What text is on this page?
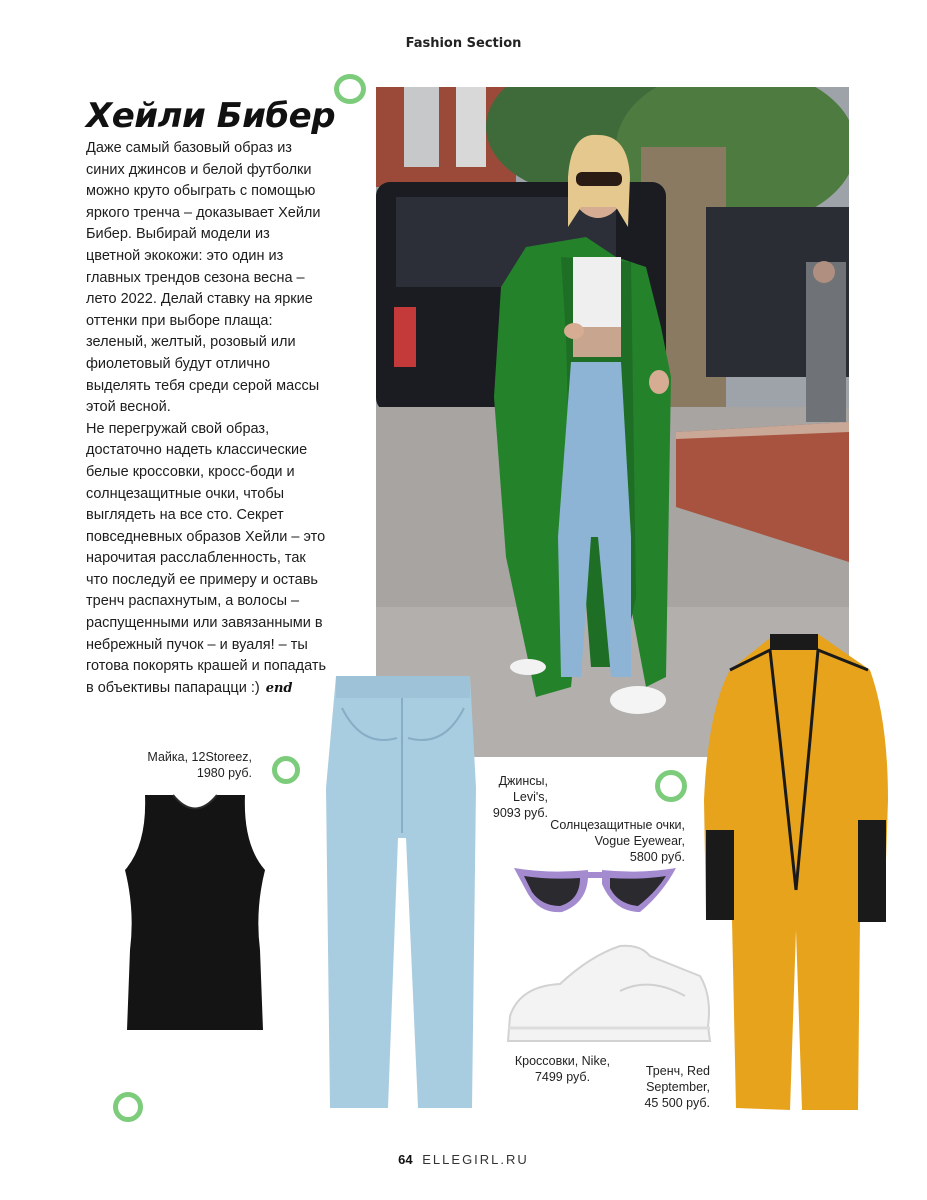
Fashion Section
Хейли Бибер

Даже самый базовый образ из синих джинсов и белой футболки можно круто обыграть с помощью яркого тренча – доказывает Хейли Бибер. Выбирай модели из цветной экокожи: это один из главных трендов сезона весна – лето 2022. Делай ставку на яркие оттенки при выборе плаща: зеленый, желтый, розовый или фиолетовый будут отлично выделять тебя среди серой массы этой весной.

Не перегружай свой образ, достаточно надеть классические белые кроссовки, кросс-боди и солнцезащитные очки, чтобы выглядеть на все сто. Секрет повседневных образов Хейли – это нарочитая расслабленность, так что последуй ее примеру и оставь тренч распахнутым, а волосы – распущенными или завязанными в небрежный пучок – и вуаля! – ты готова покорять крашей и попадать в объективы папарацци :) end

Майка, 12Storeez,
1980 руб.
Джинсы,
Levi's,
9093 руб.
Солнцезащитные очки,
Vogue Eyewear,
5800 руб.
Кроссовки, Nike,
7499 руб.	Тренч, Red
September,
45 500 руб.
64 ELLEGIRL.RU
